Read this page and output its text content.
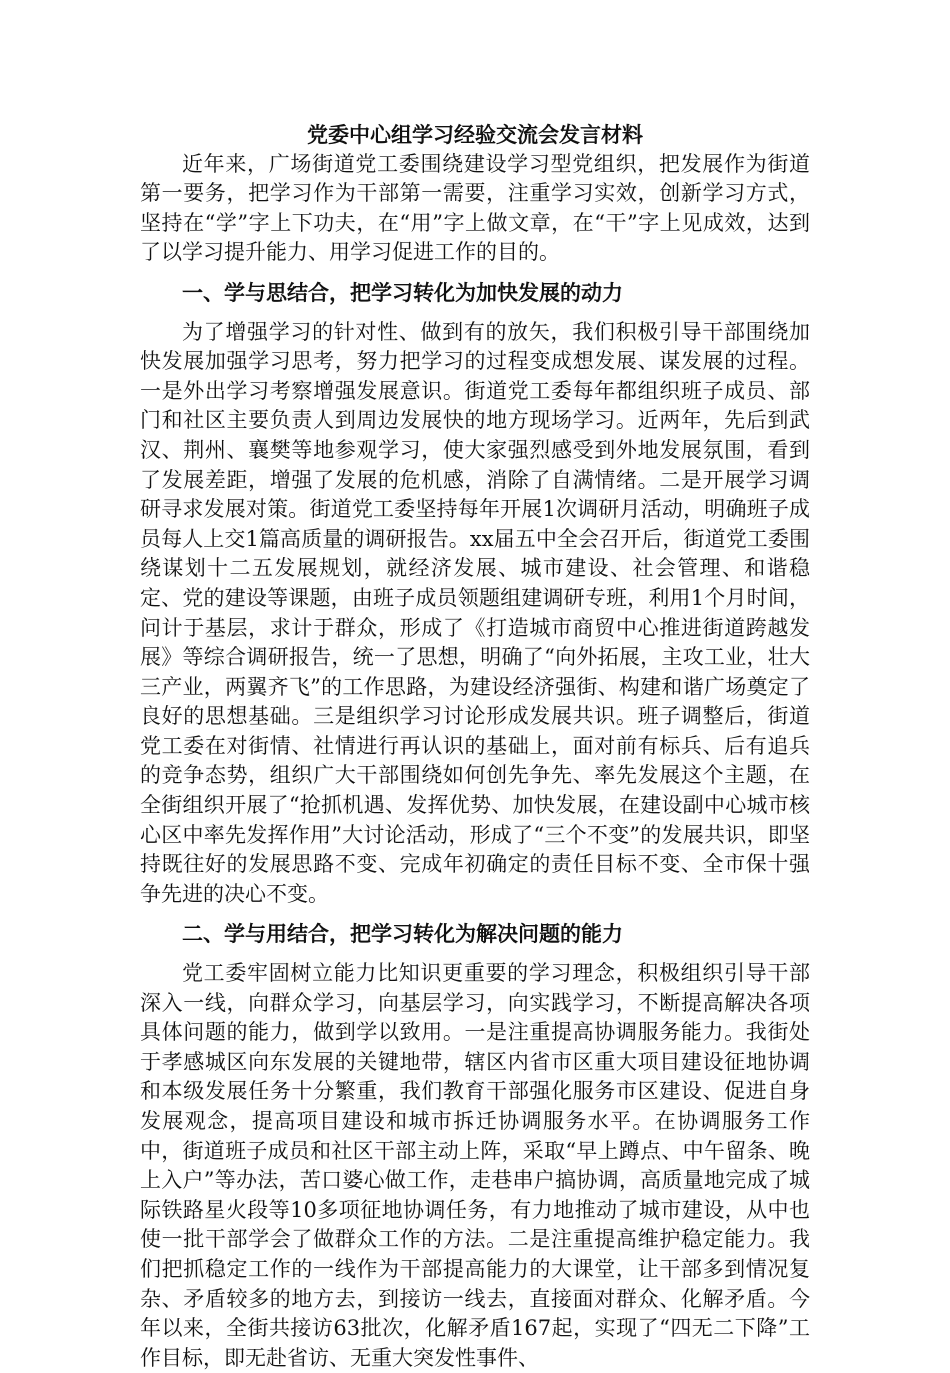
党委中心组学习经验交流会发言材料

近年来，广场街道党工委围绕建设学习型党组织，把发展作为街道第一要务，把学习作为干部第一需要，注重学习实效，创新学习方式，坚持在“学”字上下功夫，在“用”字上做文章，在“干”字上见成效，达到了以学习提升能力、用学习促进工作的目的。

一、学与思结合，把学习转化为加快发展的动力

为了增强学习的针对性、做到有的放矢，我们积极引导干部围绕加快发展加强学习思考，努力把学习的过程变成想发展、谋发展的过程。一是外出学习考察增强发展意识。街道党工委每年都组织班子成员、部门和社区主要负责人到周边发展快的地方现场学习。近两年，先后到武汉、荆州、襄樊等地参观学习，使大家强烈感受到外地发展氛围，看到了发展差距，增强了发展的危机感，消除了自满情绪。二是开展学习调研寻求发展对策。街道党工委坚持每年开展1次调研月活动，明确班子成员每人上交1篇高质量的调研报告。xx届五中全会召开后，街道党工委围绕谋划十二五发展规划，就经济发展、城市建设、社会管理、和谐稳定、党的建设等课题，由班子成员领题组建调研专班，利用1个月时间，问计于基层，求计于群众，形成了《打造城市商贸中心推进街道跨越发展》等综合调研报告，统一了思想，明确了“向外拓展，主攻工业，壮大三产业，两翼齐飞”的工作思路，为建设经济强街、构建和谐广场奠定了良好的思想基础。三是组织学习讨论形成发展共识。班子调整后，街道党工委在对街情、社情进行再认识的基础上，面对前有标兵、后有追兵的竞争态势，组织广大干部围绕如何创先争先、率先发展这个主题，在全街组织开展了“抢抓机遇、发挥优势、加快发展，在建设副中心城市核心区中率先发挥作用”大讨论活动，形成了“三个不变”的发展共识，即坚持既往好的发展思路不变、完成年初确定的责任目标不变、全市保十强争先进的决心不变。

二、学与用结合，把学习转化为解决问题的能力

党工委牢固树立能力比知识更重要的学习理念，积极组织引导干部深入一线，向群众学习，向基层学习，向实践学习，不断提高解决各项具体问题的能力，做到学以致用。一是注重提高协调服务能力。我街处于孝感城区向东发展的关键地带，辖区内省市区重大项目建设征地协调和本级发展任务十分繁重，我们教育干部强化服务市区建设、促进自身发展观念，提高项目建设和城市拆迁协调服务水平。在协调服务工作中，街道班子成员和社区干部主动上阵，采取“早上蹲点、中午留条、晚上入户”等办法，苦口婆心做工作，走巷串户搞协调，高质量地完成了城际铁路星火段等10多项征地协调任务，有力地推动了城市建设，从中也使一批干部学会了做群众工作的方法。二是注重提高维护稳定能力。我们把抓稳定工作的一线作为干部提高能力的大课堂，让干部多到情况复杂、矛盾较多的地方去，到接访一线去，直接面对群众、化解矛盾。今年以来，全街共接访63批次，化解矛盾167起，实现了“四无二下降”工作目标，即无赴省访、无重大突发性事件、
